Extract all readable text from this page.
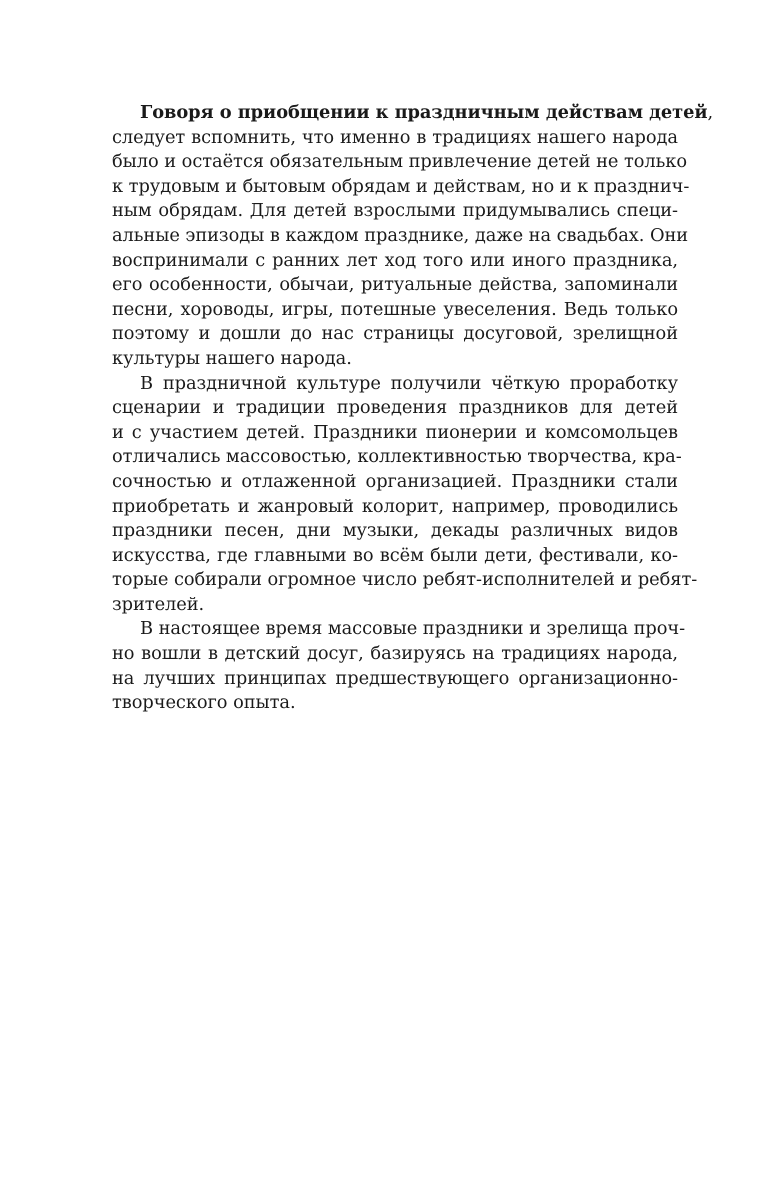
Говоря о приобщении к праздничным действам детей,
следует вспомнить, что именно в традициях нашего народа
было и остаётся обязательным привлечение детей не только
к трудовым и бытовым обрядам и действам, но и к празднич-
ным обрядам. Для детей взрослыми придумывались специ-
альные эпизоды в каждом празднике, даже на свадьбах. Они
воспринимали с ранних лет ход того или иного праздника,
его особенности, обычаи, ритуальные действа, запоминали
песни, хороводы, игры, потешные увеселения. Ведь только
поэтому и дошли до нас страницы досуговой, зрелищной
культуры нашего народа.
В праздничной культуре получили чёткую проработку
сценарии и традиции проведения праздников для детей
и с участием детей. Праздники пионерии и комсомольцев
отличались массовостью, коллективностью творчества, кра-
сочностью и отлаженной организацией. Праздники стали
приобретать и жанровый колорит, например, проводились
праздники песен, дни музыки, декады различных видов
искусства, где главными во всём были дети, фестивали, ко-
торые собирали огромное число ребят-исполнителей и ребят-
зрителей.
В настоящее время массовые праздники и зрелища проч-
но вошли в детский досуг, базируясь на традициях народа,
на лучших принципах предшествующего организационно-
творческого опыта.
